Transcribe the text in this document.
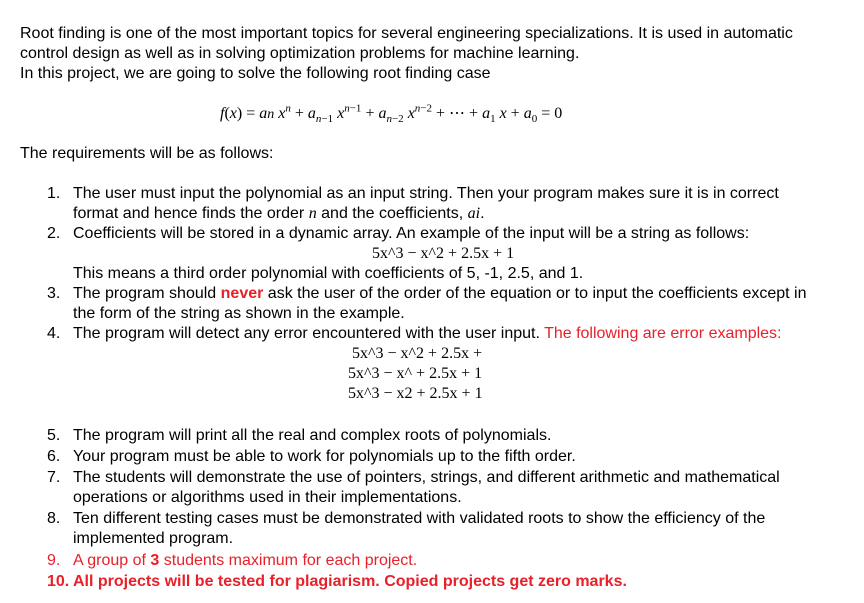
Root finding is one of the most important topics for several engineering specializations. It is used in automatic
control design as well as in solving optimization problems for machine learning.
In this project, we are going to solve the following root finding case
f(x) = an $x^n + a_{n-1}$ $x^{n-1} + a_{n-2}$ $x^{n-2}$ + ⋯ + $a_1$ $x + a_0 = 0$
The requirements will be as follows:
1. The user must input the polynomial as an input string. Then your program makes sure it is in correct
format and hence finds the order n and the coefficients, ai.
2. Coefficients will be stored in a dynamic array. An example of the input will be a string as follows:
5x^3 − x^2 + 2.5x + 1
This means a third order polynomial with coefficients of 5, -1, 2.5, and 1.
3. The program should never ask the user of the order of the equation or to input the coefficients except in
the form of the string as shown in the example.
4. The program will detect any error encountered with the user input. The following are error examples:
5x^3 − x^2 + 2.5x +
5x^3 − x^ + 2.5x + 1
5x^3 − x2 + 2.5x + 1
5. The program will print all the real and complex roots of polynomials.
6. Your program must be able to work for polynomials up to the fifth order.
7. The students will demonstrate the use of pointers, strings, and different arithmetic and mathematical
operations or algorithms used in their implementations.
8. Ten different testing cases must be demonstrated with validated roots to show the efficiency of the
implemented program.
9. A group of 3 students maximum for each project.
10. All projects will be tested for plagiarism. Copied projects get zero marks.
